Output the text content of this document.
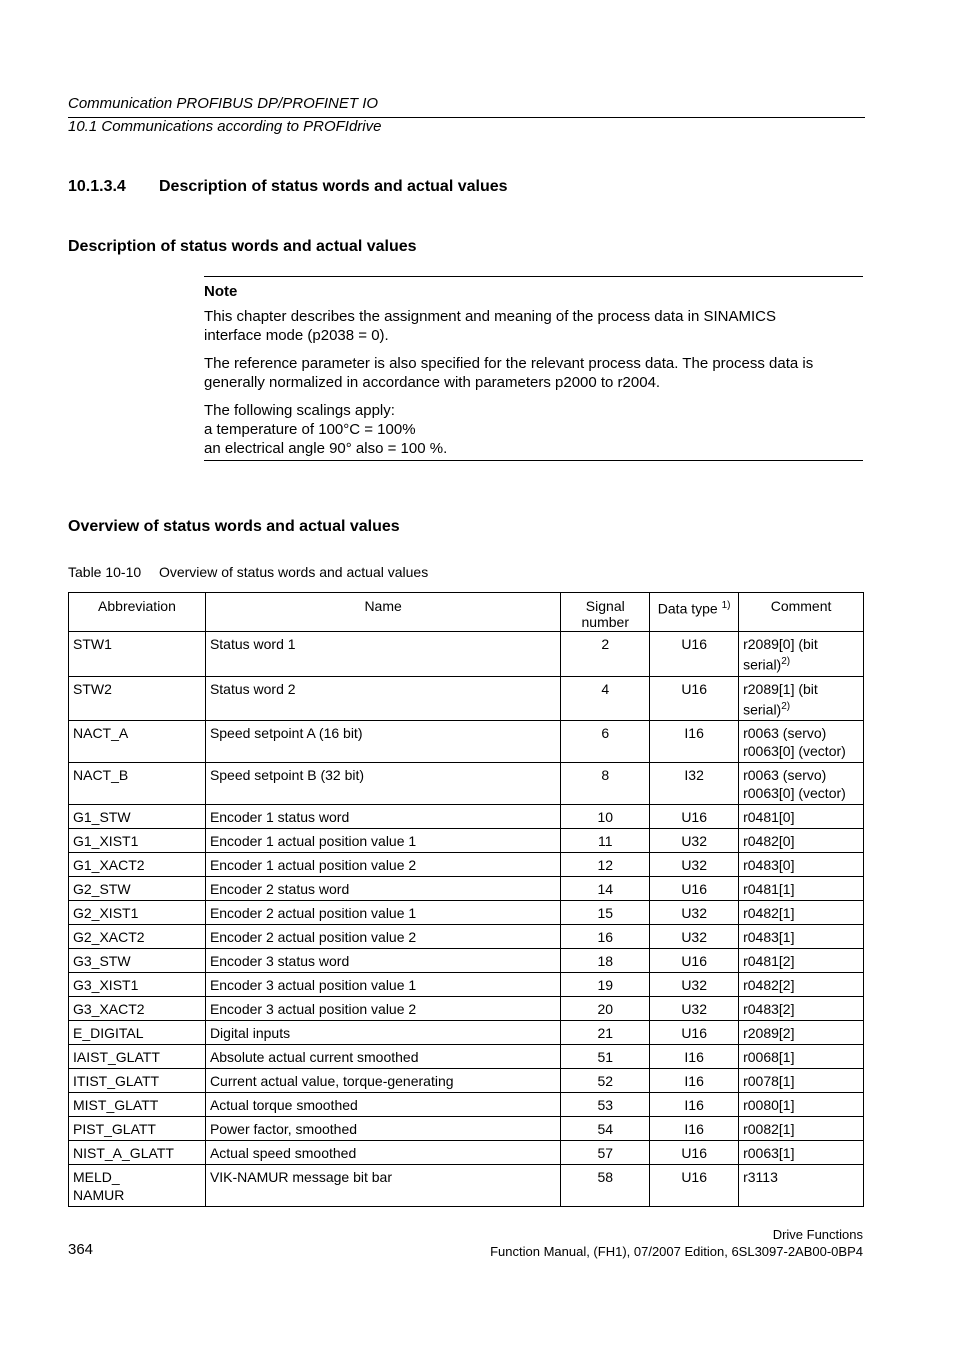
Communication PROFIBUS DP/PROFINET IO
10.1 Communications according to PROFIdrive
10.1.3.4 Description of status words and actual values
Description of status words and actual values
Note

This chapter describes the assignment and meaning of the process data in SINAMICS
interface mode (p2038 = 0).

The reference parameter is also specified for the relevant process data. The process data is
generally normalized in accordance with parameters p2000 to r2004.

The following scalings apply:
a temperature of 100°C = 100%
an electrical angle 90° also = 100 %.

Overview of status words and actual values
Table 10-10 Overview of status words and actual values
Abbreviation	Name	Signal
number	Data type $^{1)}$	Comment
STW1	Status word 1	2	U16	r2089[0] (bit
serial)$^{2)}$
STW2	Status word 2	4	U16	r2089[1] (bit
serial)$^{2)}$
NACT_A	Speed setpoint A (16 bit)	6	I16	r0063 (servo)
r0063[0] (vector)
NACT_B	Speed setpoint B (32 bit)	8	I32	r0063 (servo)
r0063[0] (vector)
G1_STW	Encoder 1 status word	10	U16	r0481[0]
G1_XIST1	Encoder 1 actual position value 1	11	U32	r0482[0]
G1_XACT2	Encoder 1 actual position value 2	12	U32	r0483[0]
G2_STW	Encoder 2 status word	14	U16	r0481[1]
G2_XIST1	Encoder 2 actual position value 1	15	U32	r0482[1]
G2_XACT2	Encoder 2 actual position value 2	16	U32	r0483[1]
G3_STW	Encoder 3 status word	18	U16	r0481[2]
G3_XIST1	Encoder 3 actual position value 1	19	U32	r0482[2]
G3_XACT2	Encoder 3 actual position value 2	20	U32	r0483[2]
E_DIGITAL	Digital inputs	21	U16	r2089[2]
IAIST_GLATT	Absolute actual current smoothed	51	I16	r0068[1]
ITIST_GLATT	Current actual value, torque-generating	52	I16	r0078[1]
MIST_GLATT	Actual torque smoothed	53	I16	r0080[1]
PIST_GLATT	Power factor, smoothed	54	I16	r0082[1]
NIST_A_GLATT	Actual speed smoothed	57	U16	r0063[1]
MELD_
NAMUR	VIK-NAMUR message bit bar	58	U16	r3113
364
Drive Functions
Function Manual, (FH1), 07/2007 Edition, 6SL3097-2AB00-0BP4
